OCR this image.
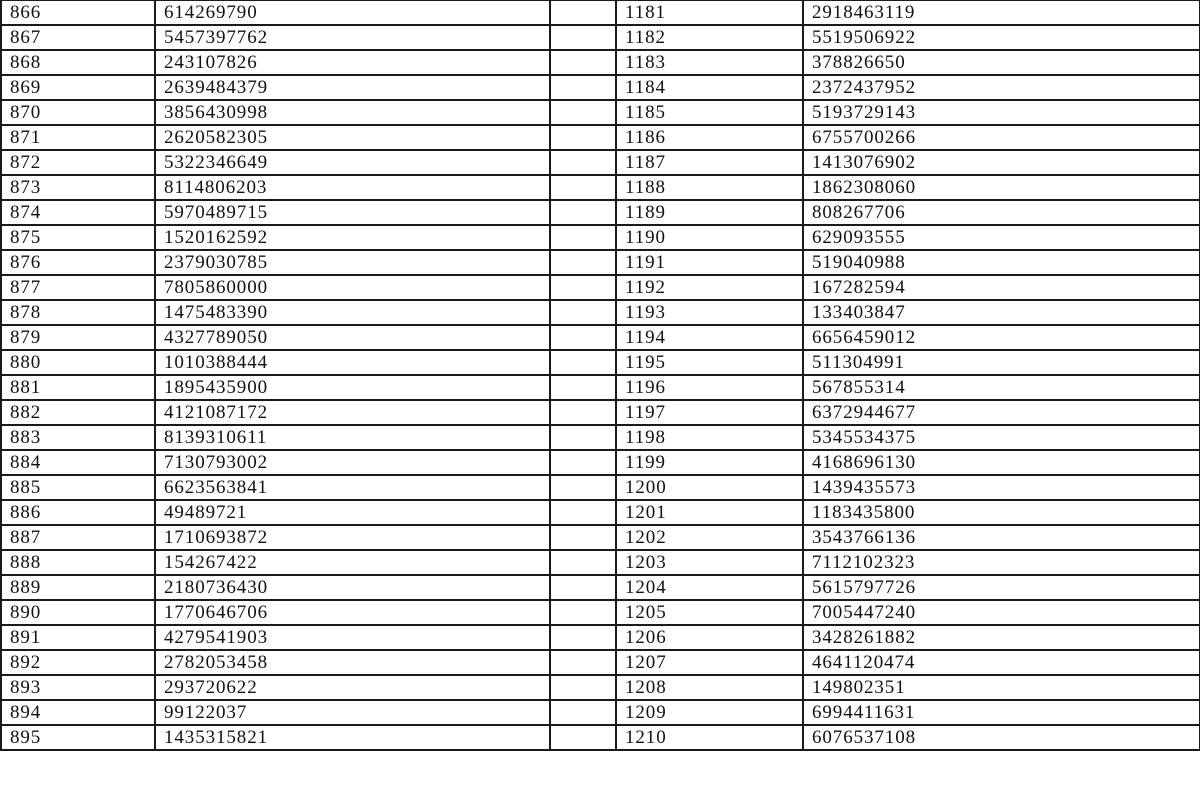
866	614269790		1181	2918463119
867	5457397762		1182	5519506922
868	243107826		1183	378826650
869	2639484379		1184	2372437952
870	3856430998		1185	5193729143
871	2620582305		1186	6755700266
872	5322346649		1187	1413076902
873	8114806203		1188	1862308060
874	5970489715		1189	808267706
875	1520162592		1190	629093555
876	2379030785		1191	519040988
877	7805860000		1192	167282594
878	1475483390		1193	133403847
879	4327789050		1194	6656459012
880	1010388444		1195	511304991
881	1895435900		1196	567855314
882	4121087172		1197	6372944677
883	8139310611		1198	5345534375
884	7130793002		1199	4168696130
885	6623563841		1200	1439435573
886	49489721		1201	1183435800
887	1710693872		1202	3543766136
888	154267422		1203	7112102323
889	2180736430		1204	5615797726
890	1770646706		1205	7005447240
891	4279541903		1206	3428261882
892	2782053458		1207	4641120474
893	293720622		1208	149802351
894	99122037		1209	6994411631
895	1435315821		1210	6076537108
